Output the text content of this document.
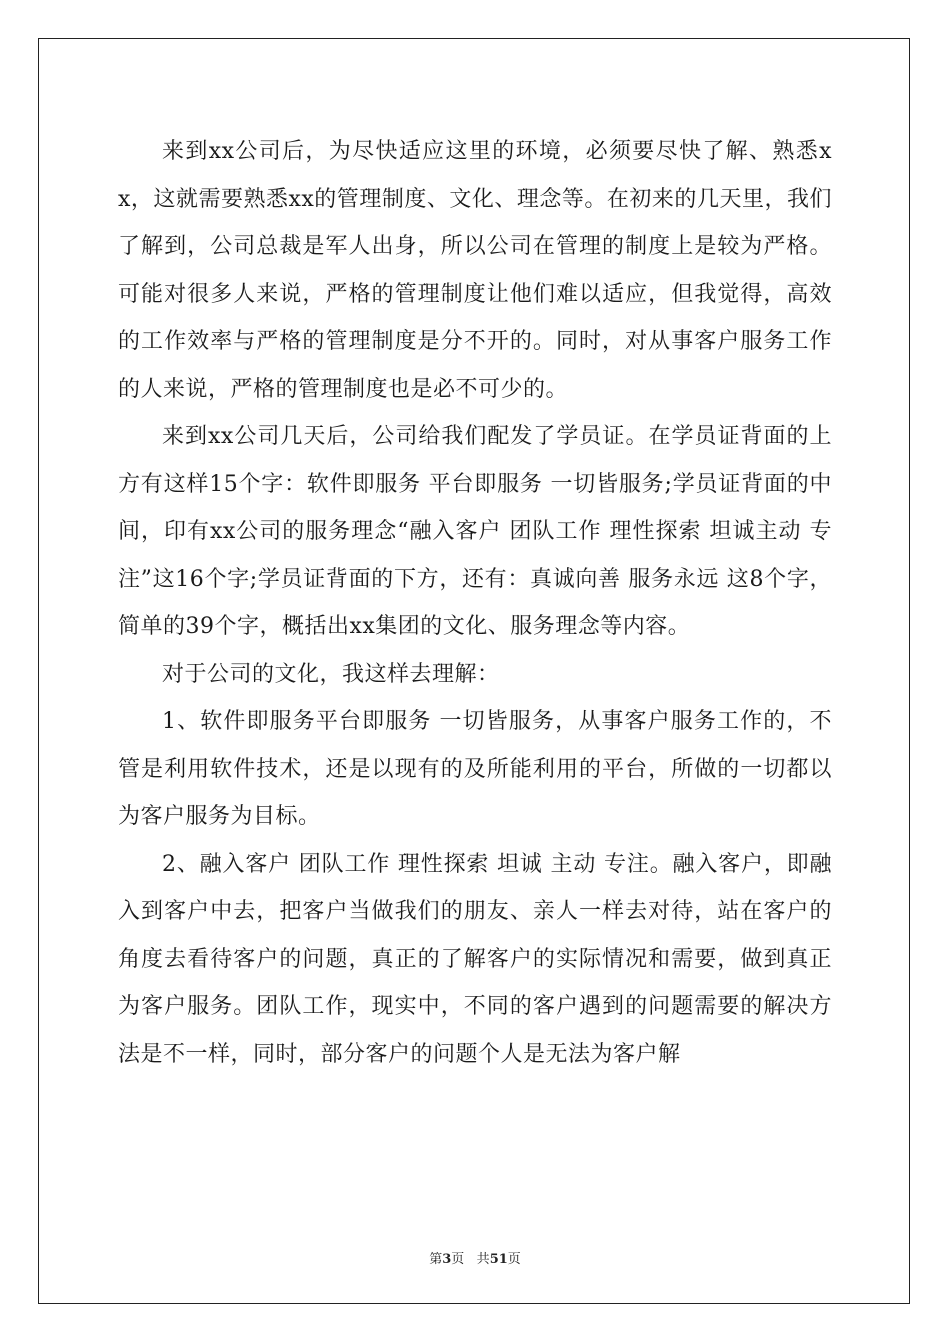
来到xx公司后，为尽快适应这里的环境，必须要尽快了解、熟悉xx，这就需要熟悉xx的管理制度、文化、理念等。在初来的几天里，我们了解到，公司总裁是军人出身，所以公司在管理的制度上是较为严格。可能对很多人来说，严格的管理制度让他们难以适应，但我觉得，高效的工作效率与严格的管理制度是分不开的。同时，对从事客户服务工作的人来说，严格的管理制度也是必不可少的。

来到xx公司几天后，公司给我们配发了学员证。在学员证背面的上方有这样15个字：软件即服务 平台即服务 一切皆服务;学员证背面的中间，印有xx公司的服务理念“融入客户 团队工作 理性探索 坦诚主动 专注”这16个字;学员证背面的下方，还有：真诚向善 服务永远 这8个字，简单的39个字，概括出xx集团的文化、服务理念等内容。

对于公司的文化，我这样去理解：

1、软件即服务平台即服务 一切皆服务，从事客户服务工作的，不管是利用软件技术，还是以现有的及所能利用的平台，所做的一切都以为客户服务为目标。

2、融入客户 团队工作 理性探索 坦诚 主动 专注。融入客户，即融入到客户中去，把客户当做我们的朋友、亲人一样去对待，站在客户的角度去看待客户的问题，真正的了解客户的实际情况和需要，做到真正为客户服务。团队工作，现实中，不同的客户遇到的问题需要的解决方法是不一样，同时，部分客户的问题个人是无法为客户解

第3页 共51页
